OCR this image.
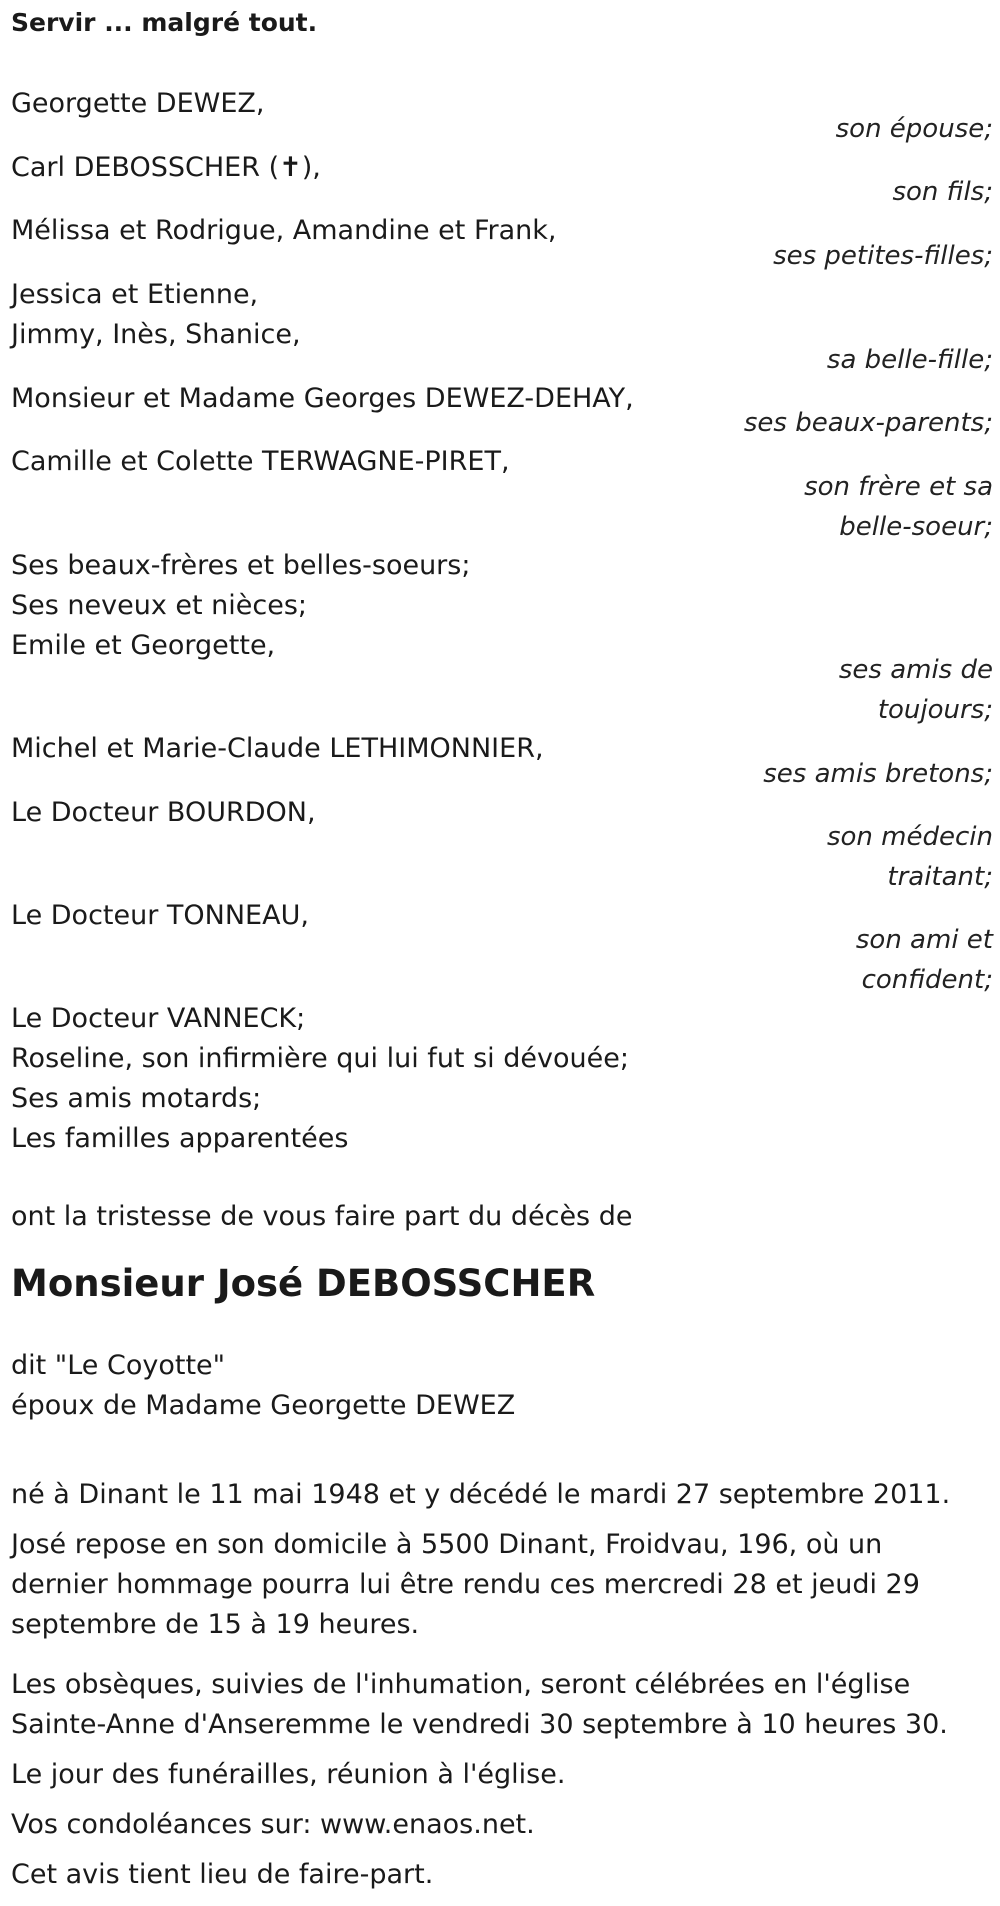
Servir ... malgré tout.
Georgette DEWEZ,
Carl DEBOSSCHER (✝),
Mélissa et Rodrigue, Amandine et Frank,
Jessica et Etienne,
Jimmy, Inès, Shanice,
Monsieur et Madame Georges DEWEZ-DEHAY,
Camille et Colette TERWAGNE-PIRET,
Ses beaux-frères et belles-soeurs;
Ses neveux et nièces;
Emile et Georgette,
Michel et Marie-Claude LETHIMONNIER,
Le Docteur BOURDON,
Le Docteur TONNEAU,
Le Docteur VANNECK;
Roseline, son infirmière qui lui fut si dévouée;
Ses amis motards;
Les familles apparentées
son épouse;
son fils;
ses petites-filles;
sa belle-fille;
ses beaux-parents;
son frère et sa
belle-soeur;
ses amis de
toujours;
ses amis bretons;
son médecin
traitant;
son ami et
confident;
ont la tristesse de vous faire part du décès de
Monsieur José DEBOSSCHER
dit "Le Coyotte"
époux de Madame Georgette DEWEZ
né à Dinant le 11 mai 1948 et y décédé le mardi 27 septembre 2011.
José repose en son domicile à 5500 Dinant, Froidvau, 196, où un dernier hommage pourra lui être rendu ces mercredi 28 et jeudi 29 septembre de 15 à 19 heures.
Les obsèques, suivies de l'inhumation, seront célébrées en l'église Sainte-Anne d'Anseremme le vendredi 30 septembre à 10 heures 30.
Le jour des funérailles, réunion à l'église.
Vos condoléances sur: www.enaos.net.
Cet avis tient lieu de faire-part.
